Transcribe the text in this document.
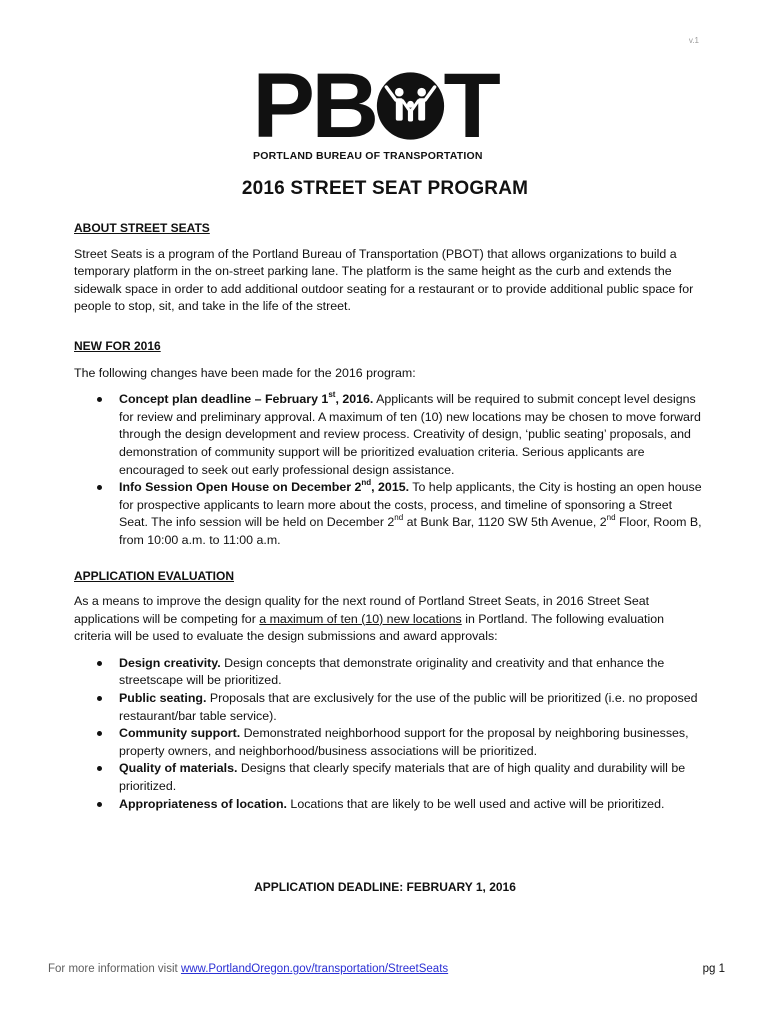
v.1
P
B T
PORTLAND BUREAU OF TRANSPORTATION
2016 STREET SEAT PROGRAM

ABOUT STREET SEATS

Street Seats is a program of the Portland Bureau of Transportation (PBOT) that allows organizations to build a temporary platform in the on-street parking lane. The platform is the same height as the curb and extends the sidewalk space in order to add additional outdoor seating for a restaurant or to provide additional public space for people to stop, sit, and take in the life of the street.

NEW FOR 2016

The following changes have been made for the 2016 program:

Concept plan deadline – February 1st, 2016. Applicants will be required to submit concept level designs for review and preliminary approval. A maximum of ten (10) new locations may be chosen to move forward through the design development and review process. Creativity of design, ‘public seating’ proposals, and demonstration of community support will be prioritized evaluation criteria. Serious applicants are encouraged to seek out early professional design assistance.
Info Session Open House on December 2nd, 2015. To help applicants, the City is hosting an open house for prospective applicants to learn more about the costs, process, and timeline of sponsoring a Street Seat. The info session will be held on December 2nd at Bunk Bar, 1120 SW 5th Avenue, 2nd Floor, Room B, from 10:00 a.m. to 11:00 a.m.

APPLICATION EVALUATION

As a means to improve the design quality for the next round of Portland Street Seats, in 2016 Street Seat applications will be competing for a maximum of ten (10) new locations in Portland. The following evaluation criteria will be used to evaluate the design submissions and award approvals:

Design creativity. Design concepts that demonstrate originality and creativity and that enhance the streetscape will be prioritized.
Public seating. Proposals that are exclusively for the use of the public will be prioritized (i.e. no proposed restaurant/bar table service).
Community support. Demonstrated neighborhood support for the proposal by neighboring businesses, property owners, and neighborhood/business associations will be prioritized.
Quality of materials. Designs that clearly specify materials that are of high quality and durability will be prioritized.
Appropriateness of location. Locations that are likely to be well used and active will be prioritized.
APPLICATION DEADLINE: FEBRUARY 1, 2016
For more information visit www.PortlandOregon.gov/transportation/StreetSeats	pg 1
